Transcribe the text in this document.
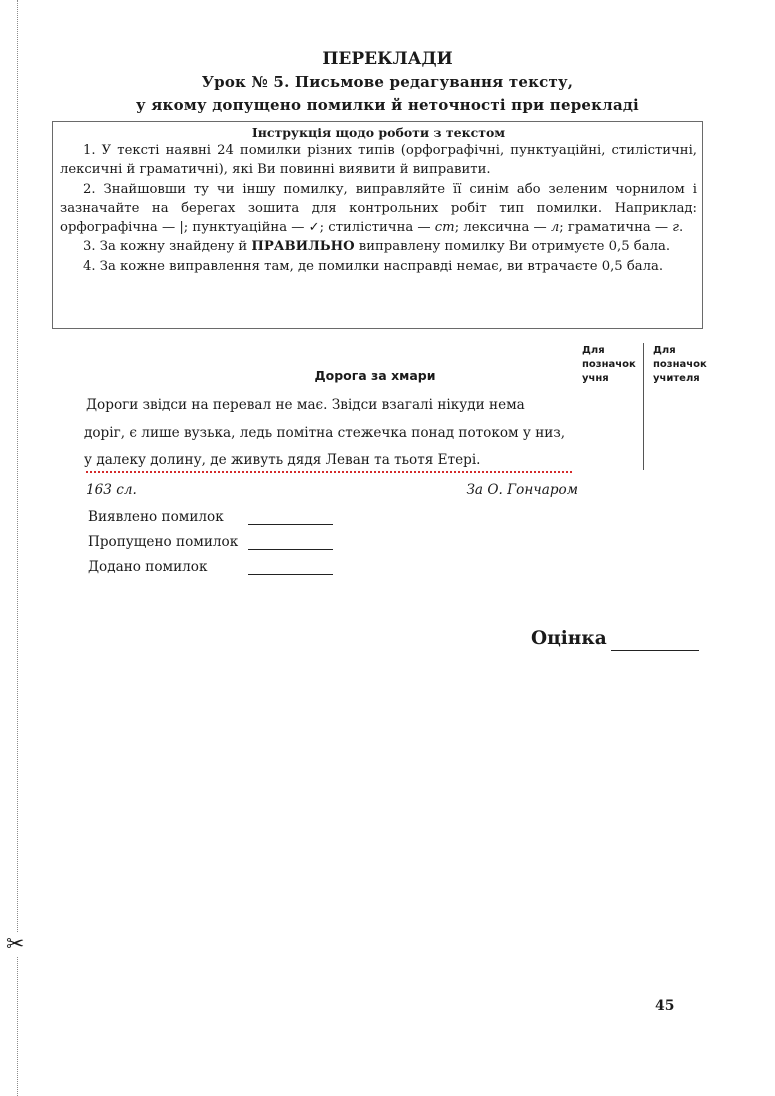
✂
ПЕРЕКЛАДИ
Урок № 5. Письмове редагування тексту,
у якому допущено помилки й неточності при перекладі
Інструкція щодо роботи з текстом

1. У тексті наявні 24 помилки різних типів (орфографічні, пунктуаційні, стилістичні, лексичні й граматичні), які Ви повинні виявити й виправити.

2. Знайшовши ту чи іншу помилку, виправляйте її синім або зеленим чорнилом і зазначайте на берегах зошита для контрольних робіт тип помилки. Наприклад: орфографічна — |; пунктуаційна — ✓; стилістична — ст; лексична — л; граматична — г.

3. За кожну знайдену й ПРАВИЛЬНО виправлену помилку Ви отримуєте 0,5 бала.

4. За кожне виправлення там, де помилки насправді немає, ви втрачаєте 0,5 бала.

Для позначок учня
Для позначок учителя
Дорога за хмари
Дороги звідси на перевал не має. Звідси взагалі нікуди нема
доріг, є лише вузька, ледь помітна стежечка понад потоком у низ,
у далеку долину, де живуть дядя Леван та тьотя Етері.
163 сл.	За О. Гончаром
Виявлено помилок
Пропущено помилок
Додано помилок
Оцінка
45
